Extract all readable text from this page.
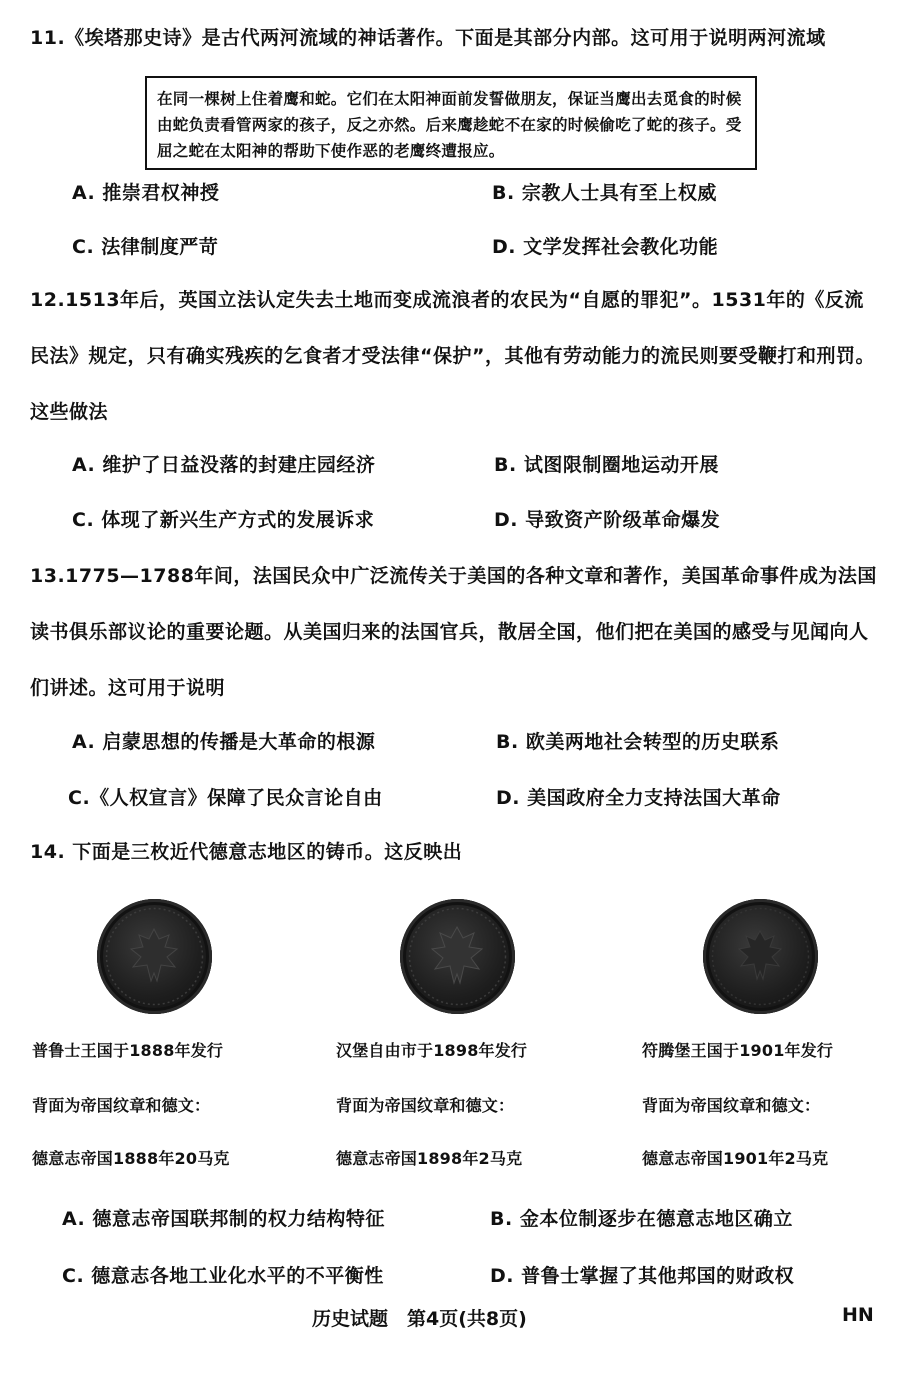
11.《埃塔那史诗》是古代两河流域的神话著作。下面是其部分内部。这可用于说明两河流域

在同一棵树上住着鹰和蛇。它们在太阳神面前发誓做朋友，保证当鹰出去觅食的时候由蛇负责看管两家的孩子，反之亦然。后来鹰趁蛇不在家的时候偷吃了蛇的孩子。受屈之蛇在太阳神的帮助下使作恶的老鹰终遭报应。
A. 推崇君权神授	B. 宗教人士具有至上权威
C. 法律制度严苛	D. 文学发挥社会教化功能

12.1513年后，英国立法认定失去土地而变成流浪者的农民为“自愿的罪犯”。1531年的《反流民法》规定，只有确实残疾的乞食者才受法律“保护”，其他有劳动能力的流民则要受鞭打和刑罚。这些做法

A. 维护了日益没落的封建庄园经济	B. 试图限制圈地运动开展
C. 体现了新兴生产方式的发展诉求	D. 导致资产阶级革命爆发

13.1775—1788年间，法国民众中广泛流传关于美国的各种文章和著作，美国革命事件成为法国读书俱乐部议论的重要论题。从美国归来的法国官兵，散居全国，他们把在美国的感受与见闻向人们讲述。这可用于说明

A. 启蒙思想的传播是大革命的根源	B. 欧美两地社会转型的历史联系
C.《人权宣言》保障了民众言论自由	D. 美国政府全力支持法国大革命

14. 下面是三枚近代德意志地区的铸币。这反映出

普鲁士王国于1888年发行
背面为帝国纹章和德文：
德意志帝国1888年20马克
汉堡自由市于1898年发行
背面为帝国纹章和德文：
德意志帝国1898年2马克
符腾堡王国于1901年发行
背面为帝国纹章和德文：
德意志帝国1901年2马克
A. 德意志帝国联邦制的权力结构特征	B. 金本位制逐步在德意志地区确立
C. 德意志各地工业化水平的不平衡性	D. 普鲁士掌握了其他邦国的财政权
历史试题　第4页(共8页)	HN
